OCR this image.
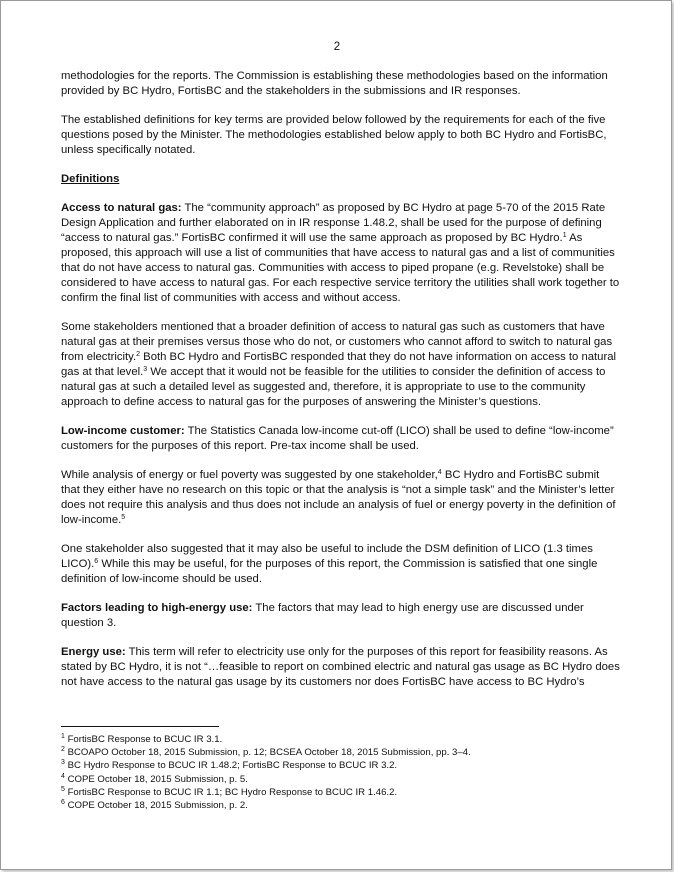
2

methodologies for the reports. The Commission is establishing these methodologies based on the information provided by BC Hydro, FortisBC and the stakeholders in the submissions and IR responses.

The established definitions for key terms are provided below followed by the requirements for each of the five questions posed by the Minister. The methodologies established below apply to both BC Hydro and FortisBC, unless specifically notated.

Definitions

Access to natural gas: The “community approach” as proposed by BC Hydro at page 5-70 of the 2015 Rate Design Application and further elaborated on in IR response 1.48.2, shall be used for the purpose of defining “access to natural gas.” FortisBC confirmed it will use the same approach as proposed by BC Hydro.$^1$ As proposed, this approach will use a list of communities that have access to natural gas and a list of communities that do not have access to natural gas. Communities with access to piped propane (e.g. Revelstoke) shall be considered to have access to natural gas. For each respective service territory the utilities shall work together to confirm the final list of communities with access and without access.

Some stakeholders mentioned that a broader definition of access to natural gas such as customers that have natural gas at their premises versus those who do not, or customers who cannot afford to switch to natural gas from electricity.$^2$ Both BC Hydro and FortisBC responded that they do not have information on access to natural gas at that level.$^3$ We accept that it would not be feasible for the utilities to consider the definition of access to natural gas at such a detailed level as suggested and, therefore, it is appropriate to use to the community approach to define access to natural gas for the purposes of answering the Minister’s questions.

Low-income customer: The Statistics Canada low-income cut-off (LICO) shall be used to define “low-income” customers for the purposes of this report. Pre-tax income shall be used.

While analysis of energy or fuel poverty was suggested by one stakeholder,$^4$ BC Hydro and FortisBC submit that they either have no research on this topic or that the analysis is “not a simple task” and the Minister’s letter does not require this analysis and thus does not include an analysis of fuel or energy poverty in the definition of low-income.$^5$

One stakeholder also suggested that it may also be useful to include the DSM definition of LICO (1.3 times LICO).$^6$ While this may be useful, for the purposes of this report, the Commission is satisfied that one single definition of low-income should be used.

Factors leading to high-energy use: The factors that may lead to high energy use are discussed under question 3.

Energy use: This term will refer to electricity use only for the purposes of this report for feasibility reasons. As stated by BC Hydro, it is not “…feasible to report on combined electric and natural gas usage as BC Hydro does not have access to the natural gas usage by its customers nor does FortisBC have access to BC Hydro’s

$^1$ FortisBC Response to BCUC IR 3.1.
$^2$ BCOAPO October 18, 2015 Submission, p. 12; BCSEA October 18, 2015 Submission, pp. 3–4.
$^3$ BC Hydro Response to BCUC IR 1.48.2; FortisBC Response to BCUC IR 3.2.
$^4$ COPE October 18, 2015 Submission, p. 5.
$^5$ FortisBC Response to BCUC IR 1.1; BC Hydro Response to BCUC IR 1.46.2.
$^6$ COPE October 18, 2015 Submission, p. 2.
